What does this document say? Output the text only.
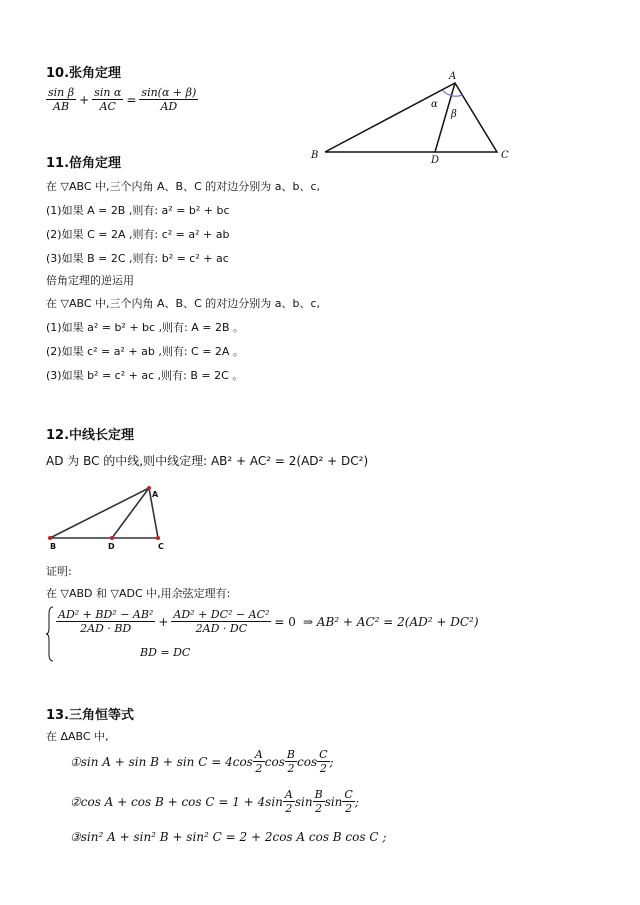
10.张角定理
$\frac{\text{sin β}}{AB} + \frac{\text{sin α}}{AC} = \frac{\sin(\alpha + \beta)}{AD}$
A
B	C
D
α
β
11.倍角定理
在 ▽ABC 中,三个内角 A、B、C 的对边分别为 a、b、c,
(1)如果 A = 2B ,则有: a² = b² + bc
(2)如果 C = 2A ,则有: c² = a² + ab
(3)如果 B = 2C ,则有: b² = c² + ac
倍角定理的逆运用
在 ▽ABC 中,三个内角 A、B、C 的对边分别为 a、b、c,
(1)如果 a² = b² + bc ,则有: A = 2B 。
(2)如果 c² = a² + ab ,则有: C = 2A 。
(3)如果 b² = c² + ac ,则有: B = 2C 。
12.中线长定理
AD 为 BC 的中线,则中线定理: AB² + AC² = 2(AD² + DC²)
A
B	D	C
证明:
在 ▽ABD 和 ▽ADC 中,用余弦定理有:
$\frac{\text{AD² + BD² − AB²}}{2AD \cdot BD} + \frac{\text{AD² + DC² − AC²}}{2AD \cdot DC} = 0$ ⇒ AB² + AC² = 2(AD² + DC²)
BD = DC
13.三角恒等式
在 ΔABC 中,
①sin $A + \sin B + \sin C = 4\cos \frac{A}{2}$ $\cos \frac{B}{2}$ $\cos \frac{C}{2}$ ;
②cos $A + \cos B + \cos C = 1 + 4\sin \frac{A}{2}$ $\sin \frac{B}{2}$ $\sin \frac{C}{2}$ ;
③sin² A + sin² B + sin² C = 2 + 2cos A cos B cos C ;
